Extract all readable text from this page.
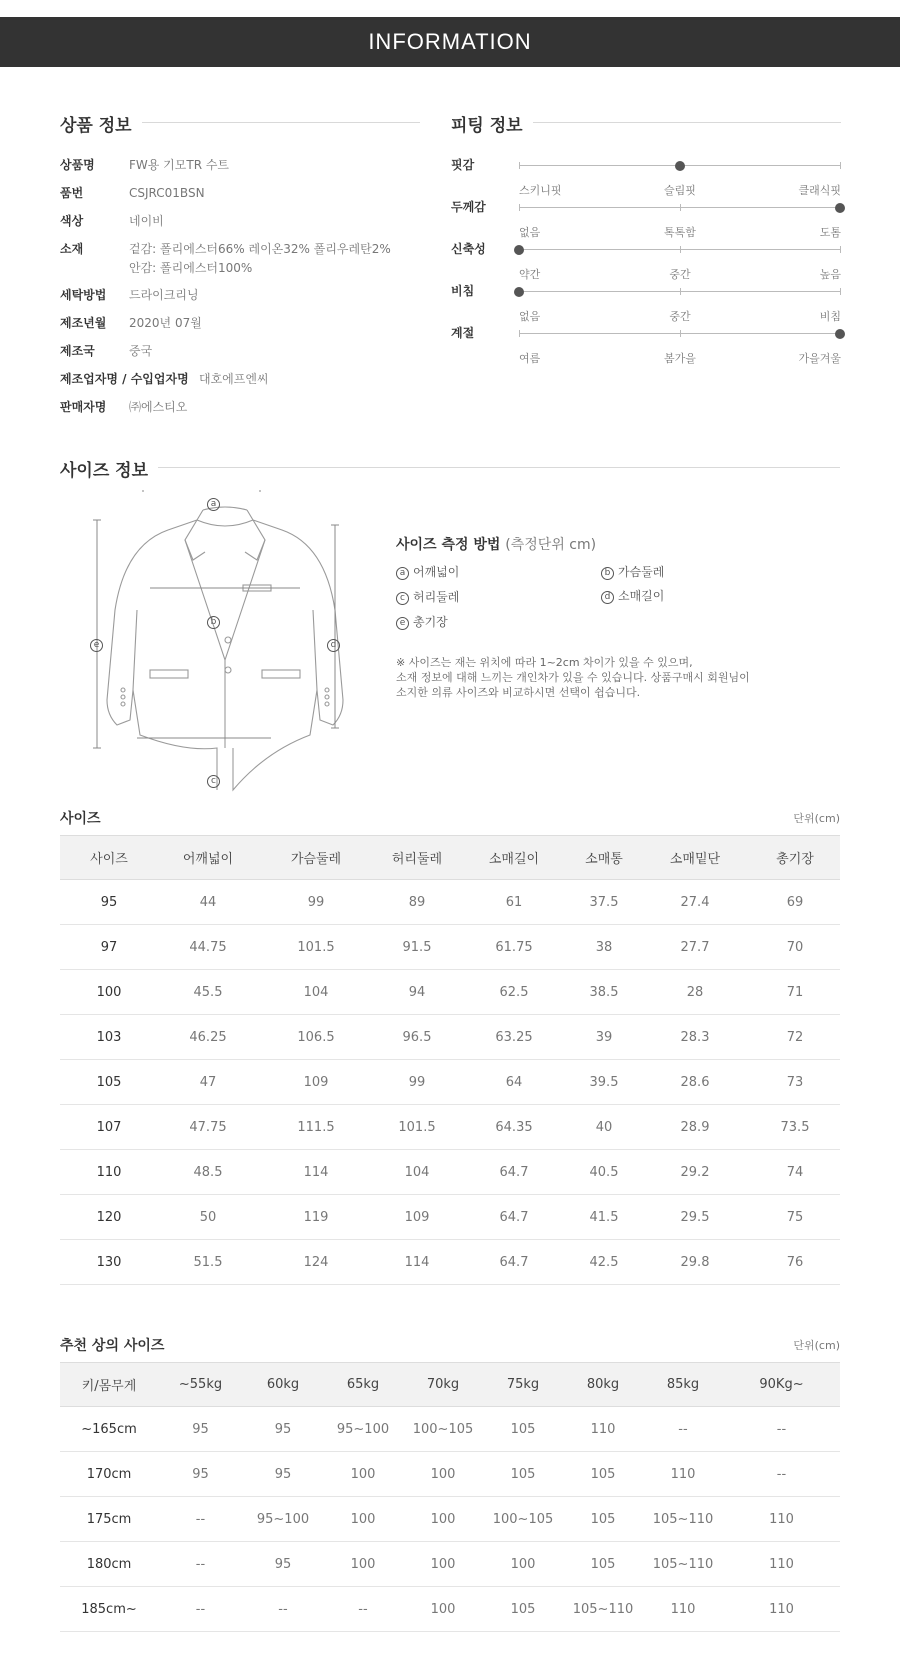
INFORMATION
상품 정보
상품명	FW용 기모TR 수트
품번	CSJRC01BSN
색상	네이비
소재	겉감: 폴리에스터66% 레이온32% 폴리우레탄2%
안감: 폴리에스터100%
세탁방법 드라이크리닝
제조년월 2020년 07월
제조국	중국
제조업자명 / 수입업자명 대호에프엔씨
판매자명 ㈜에스티오
피팅 정보
핏감
스키니핏	슬림핏	클래식핏
두께감
없음	톡톡함	도톰
신축성
약간	중간	높음
비침
없음	중간	비침
계절
여름	봄가을	가을겨울
사이즈 정보
a
b
c
d
e
사이즈 측정 방법 (측정단위 cm)
a 어깨넓이	b 가슴둘레
c 허리둘레	d 소매길이
e 총기장
※ 사이즈는 재는 위치에 따라 1~2cm 차이가 있을 수 있으며,
소재 정보에 대해 느끼는 개인차가 있을 수 있습니다. 상품구매시 회원님이
소지한 의류 사이즈와 비교하시면 선택이 쉽습니다.
사이즈	단위(cm)
사이즈	어깨넓이	가슴둘레	허리둘레	소매길이	소매통	소매밑단	총기장
95	44	99	89	61	37.5	27.4	69
97	44.75	101.5	91.5	61.75	38	27.7	70
100	45.5	104	94	62.5	38.5	28	71
103	46.25	106.5	96.5	63.25	39	28.3	72
105	47	109	99	64	39.5	28.6	73
107	47.75	111.5	101.5	64.35	40	28.9	73.5
110	48.5	114	104	64.7	40.5	29.2	74
120	50	119	109	64.7	41.5	29.5	75
130	51.5	124	114	64.7	42.5	29.8	76
추천 상의 사이즈	단위(cm)
키/몸무게	~55kg	60kg	65kg	70kg	75kg	80kg	85kg	90Kg~
~165cm	95	95	95~100	100~105	105	110	--	--
170cm	95	95	100	100	105	105	110	--
175cm	--	95~100	100	100	100~105	105	105~110	110
180cm	--	95	100	100	100	105	105~110	110
185cm~	--	--	--	100	105	105~110	110	110
